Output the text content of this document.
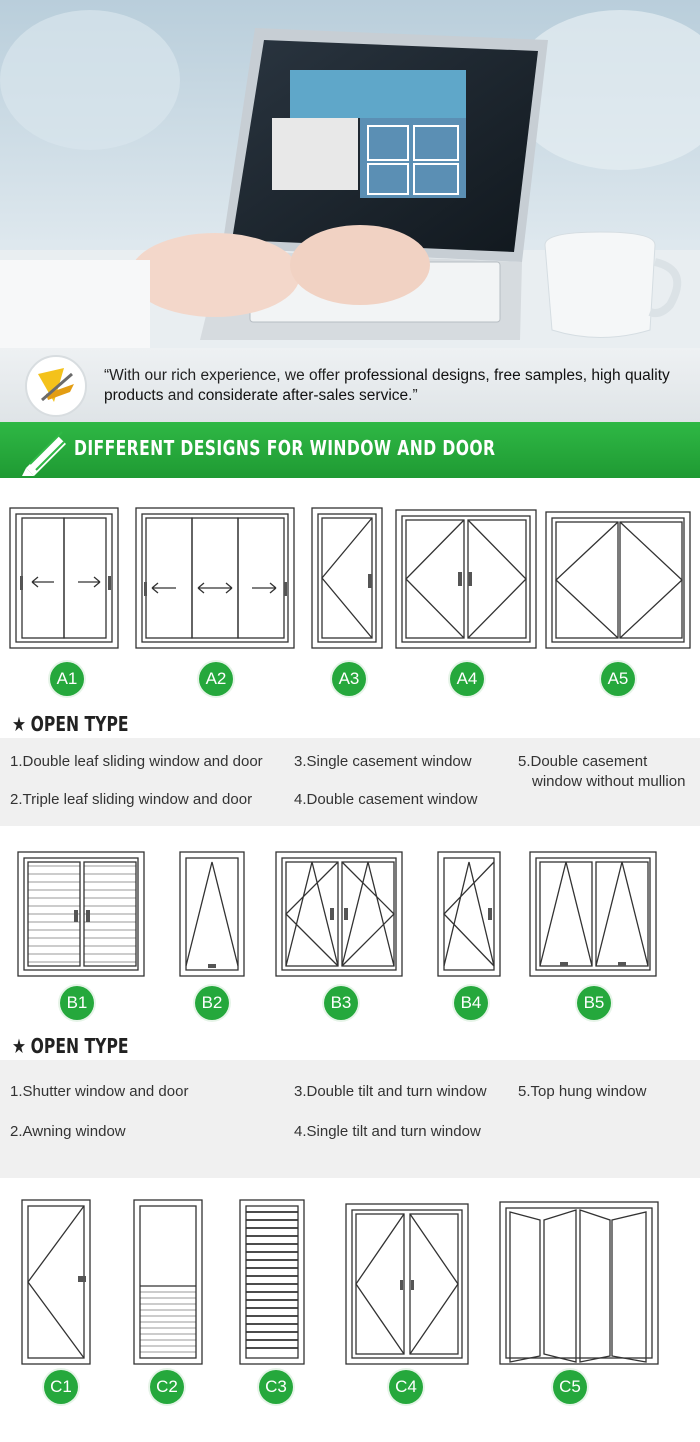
“With our rich experience, we offer professional designs, free samples, high quality products and considerate after-sales service.”
DIFFERENT DESIGNS FOR WINDOW AND DOOR
A1	A2	A3	A4	A5
★ OPEN TYPE
1.Double leaf sliding window and door
2.Triple leaf sliding window and door
3.Single casement window
4.Double casement window
5.Double casement
window without mullion
B1	B2	B3	B4	B5
★ OPEN TYPE
1.Shutter window and door
2.Awning window
3.Double tilt and turn window
4.Single tilt and turn window
5.Top hung window
C1	C2	C3	C4	C5
